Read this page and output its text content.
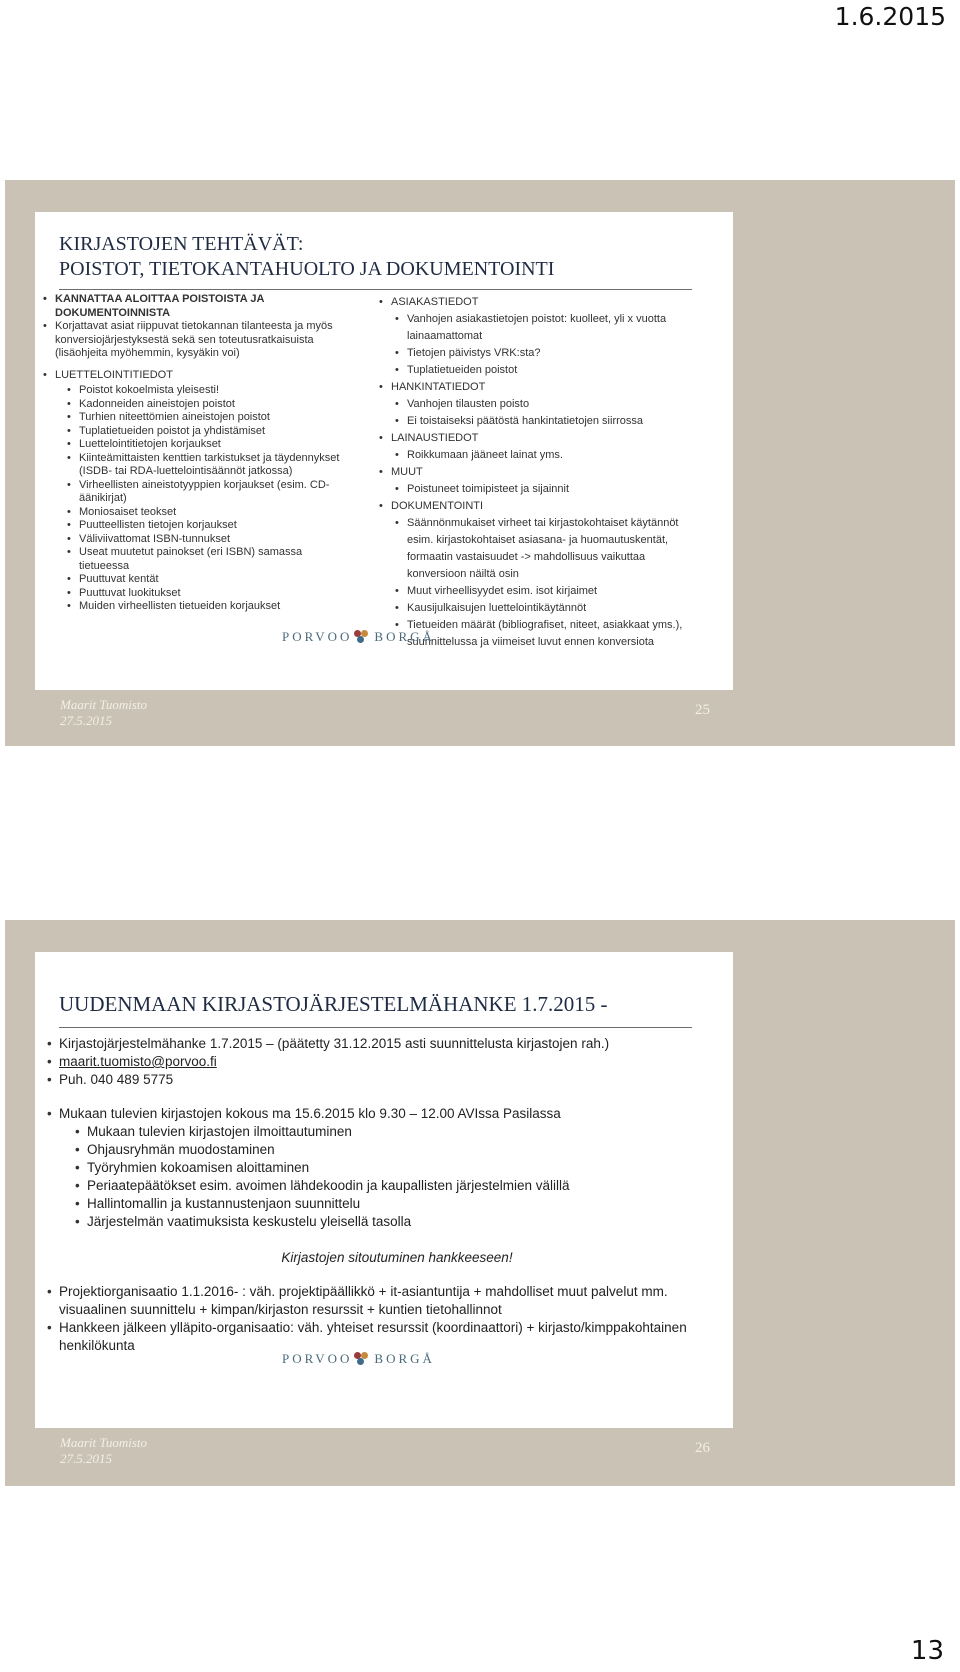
1.6.2015
KIRJASTOJEN TEHTÄVÄT:
POISTOT, TIETOKANTAHUOLTO JA DOKUMENTOINTI
• KANNATTAA ALOITTAA POISTOISTA JA
DOKUMENTOINNISTA
• Korjattavat asiat riippuvat tietokannan tilanteesta ja myös konversiojärjestyksestä sekä sen toteutusratkaisuista (lisäohjeita myöhemmin, kysyäkin voi)
• LUETTELOINTITIEDOT
• Poistot kokoelmista yleisesti!
• Kadonneiden aineistojen poistot
• Turhien niteettömien aineistojen poistot
• Tuplatietueiden poistot ja yhdistämiset
• Luettelointitietojen korjaukset
• Kiinteämittaisten kenttien tarkistukset ja täydennykset (ISDB- tai RDA-luettelointisäännöt jatkossa)
• Virheellisten aineistotyyppien korjaukset (esim. CD-äänikirjat)
• Moniosaiset teokset
• Puutteellisten tietojen korjaukset
• Väliviivattomat ISBN-tunnukset
• Useat muutetut painokset (eri ISBN) samassa tietueessa
• Puuttuvat kentät
• Puuttuvat luokitukset
• Muiden virheellisten tietueiden korjaukset
• ASIAKASTIEDOT
• Vanhojen asiakastietojen poistot: kuolleet, yli x vuotta lainaamattomat
• Tietojen päivistys VRK:sta?
• Tuplatietueiden poistot
• HANKINTATIEDOT
• Vanhojen tilausten poisto
• Ei toistaiseksi päätöstä hankintatietojen siirrossa
• LAINAUSTIEDOT
• Roikkumaan jääneet lainat yms.
• MUUT
• Poistuneet toimipisteet ja sijainnit
• DOKUMENTOINTI
• Säännönmukaiset virheet tai kirjastokohtaiset käytännöt esim. kirjastokohtaiset asiasana- ja huomautuskentät, formaatin vastaisuudet -> mahdollisuus vaikuttaa konversioon näiltä osin
• Muut virheellisyydet esim. isot kirjaimet
• Kausijulkaisujen luettelointikäytännöt
• Tietueiden määrät (bibliografiset, niteet, asiakkaat yms.), suunnittelussa ja viimeiset luvut ennen konversiota
PORVOO BORGÅ
Maarit Tuomisto
27.5.2015
25
UUDENMAAN KIRJASTOJÄRJESTELMÄHANKE 1.7.2015 -
• Kirjastojärjestelmähanke 1.7.2015 – (päätetty 31.12.2015 asti suunnittelusta kirjastojen rah.)
• maarit.tuomisto@porvoo.fi
• Puh. 040 489 5775
• Mukaan tulevien kirjastojen kokous ma 15.6.2015 klo 9.30 – 12.00 AVIssa Pasilassa
• Mukaan tulevien kirjastojen ilmoittautuminen
• Ohjausryhmän muodostaminen
• Työryhmien kokoamisen aloittaminen
• Periaatepäätökset esim. avoimen lähdekoodin ja kaupallisten järjestelmien välillä
• Hallintomallin ja kustannustenjaon suunnittelu
• Järjestelmän vaatimuksista keskustelu yleisellä tasolla
Kirjastojen sitoutuminen hankkeeseen!
• Projektiorganisaatio 1.1.2016- : väh. projektipäällikkö + it-asiantuntija + mahdolliset muut palvelut mm. visuaalinen suunnittelu + kimpan/kirjaston resurssit + kuntien tietohallinnot
• Hankkeen jälkeen ylläpito-organisaatio: väh. yhteiset resurssit (koordinaattori) + kirjasto/kimppakohtainen henkilökunta
PORVOO BORGÅ
Maarit Tuomisto
27.5.2015
26
13
